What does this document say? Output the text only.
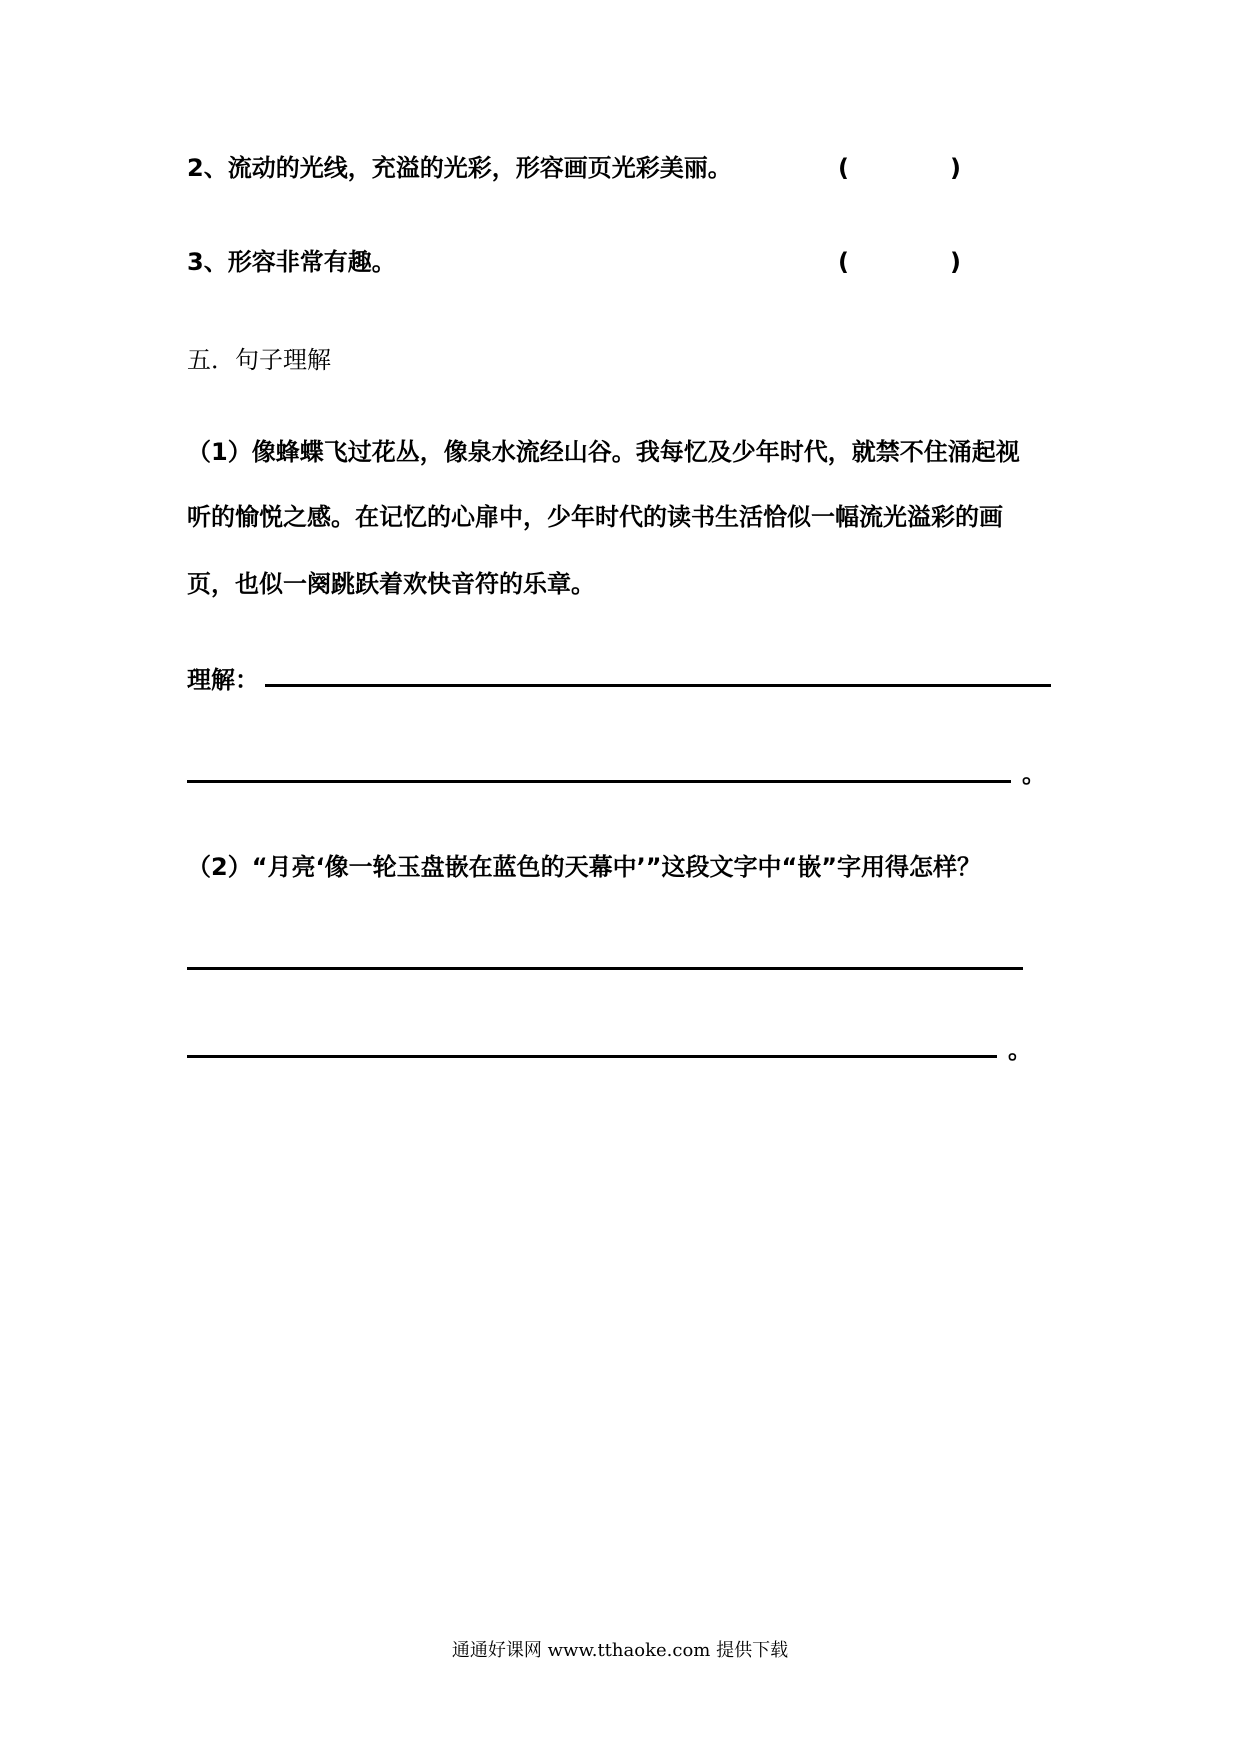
2、流动的光线，充溢的光彩，形容画页光彩美丽。	(	)
3、形容非常有趣。	(	)
五．句子理解
（1）像蜂蝶飞过花丛，像泉水流经山谷。我每忆及少年时代，就禁不住涌起视
听的愉悦之感。在记忆的心扉中，少年时代的读书生活恰似一幅流光溢彩的画
页，也似一阕跳跃着欢快音符的乐章。
理解：
。
（2）“月亮‘像一轮玉盘嵌在蓝色的天幕中’”这段文字中“嵌”字用得怎样？
。
通通好课网 www.tthaoke.com 提供下载
